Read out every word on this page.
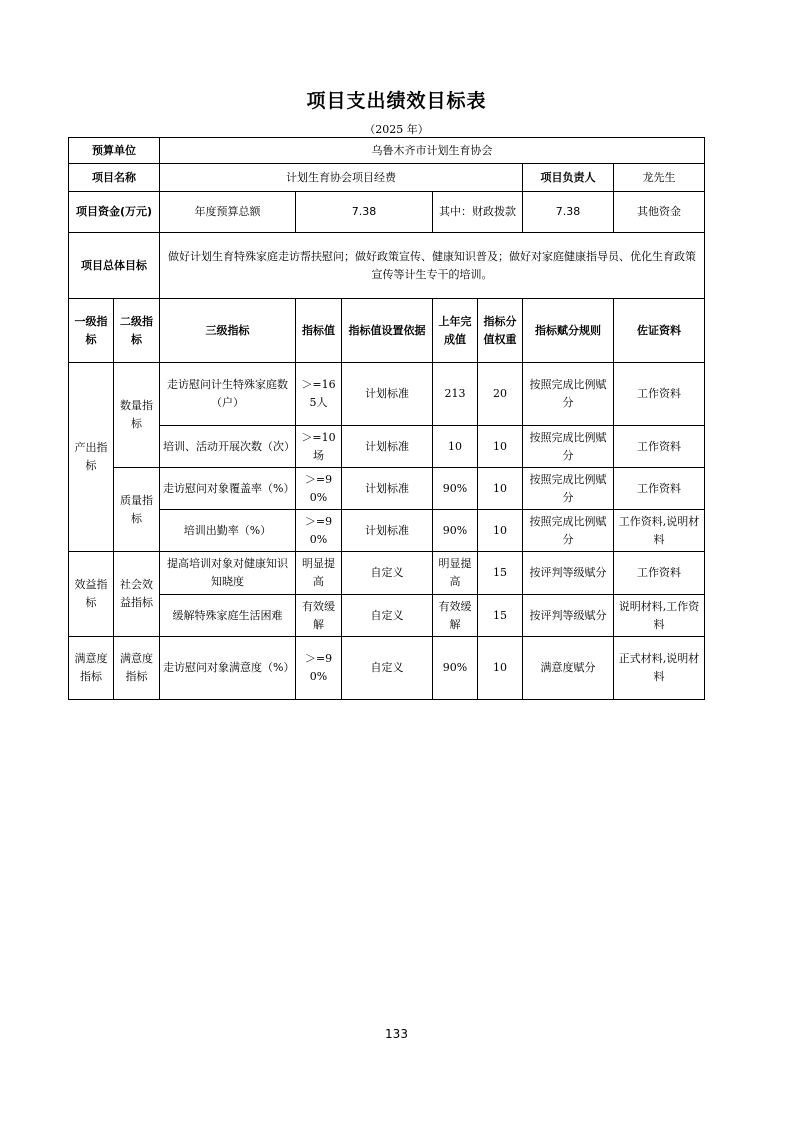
项目支出绩效目标表
（2025 年）
预算单位		乌鲁木齐市计划生育协会						
项目名称		计划生育协会项目经费					项目负责人	龙先生
项目资金(万元)		年度预算总额	7.38		其中：财政拨款		7.38	其他资金
项目总体目标		做好计划生育特殊家庭走访帮扶慰问；做好政策宣传、健康知识普及；做好对家庭健康指导员、优化生育政策宣传等计生专干的培训。						
一级指标	二级指标	三级指标	指标值	指标值设置依据	上年完成值	指标分值权重	指标赋分规则	佐证资料
产出指标	数量指标	走访慰问计生特殊家庭数（户）	＞=165人	计划标准	213	20	按照完成比例赋分	工作资料
		培训、活动开展次数（次）	＞=10场	计划标准	10	10	按照完成比例赋分	工作资料
	质量指标	走访慰问对象覆盖率（%）	＞=90%	计划标准	90%	10	按照完成比例赋分	工作资料
		培训出勤率（%）	＞=90%	计划标准	90%	10	按照完成比例赋分	工作资料,说明材料
效益指标	社会效益指标	提高培训对象对健康知识知晓度	明显提高	自定义	明显提高	15	按评判等级赋分	工作资料
		缓解特殊家庭生活困难	有效缓解	自定义	有效缓解	15	按评判等级赋分	说明材料,工作资料
满意度指标	满意度指标	走访慰问对象满意度（%）	＞=90%	自定义	90%	10	满意度赋分	正式材料,说明材料
133
